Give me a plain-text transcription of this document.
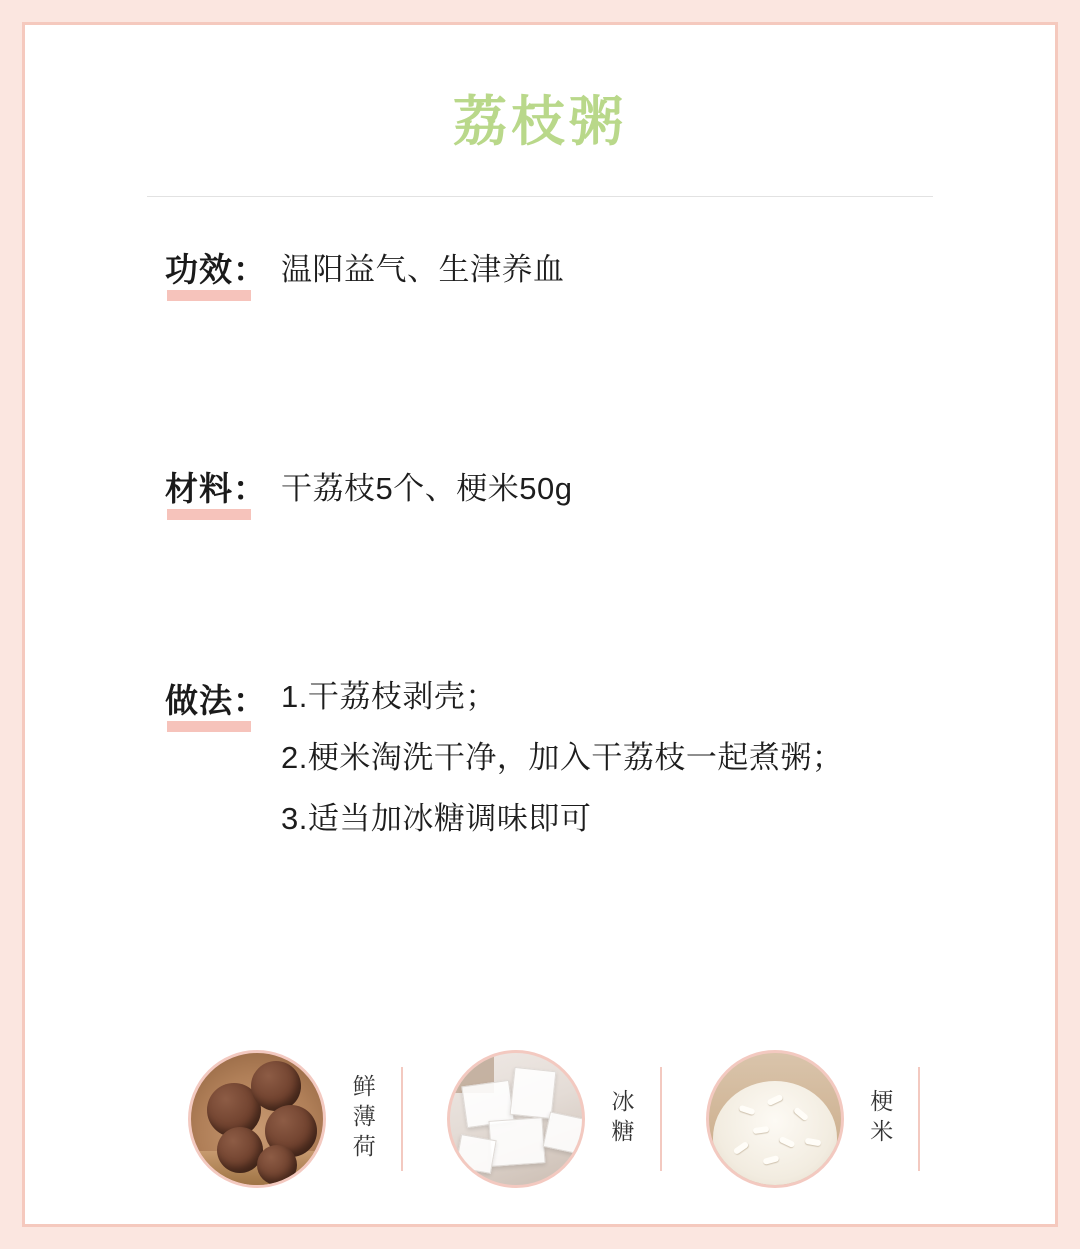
荔枝粥
功效： 温阳益气、生津养血
材料： 干荔枝5个、梗米50g
做法： 1.干荔枝剥壳；
2.梗米淘洗干净，加入干荔枝一起煮粥；
3.适当加冰糖调味即可
鲜薄荷	冰糖	梗米
